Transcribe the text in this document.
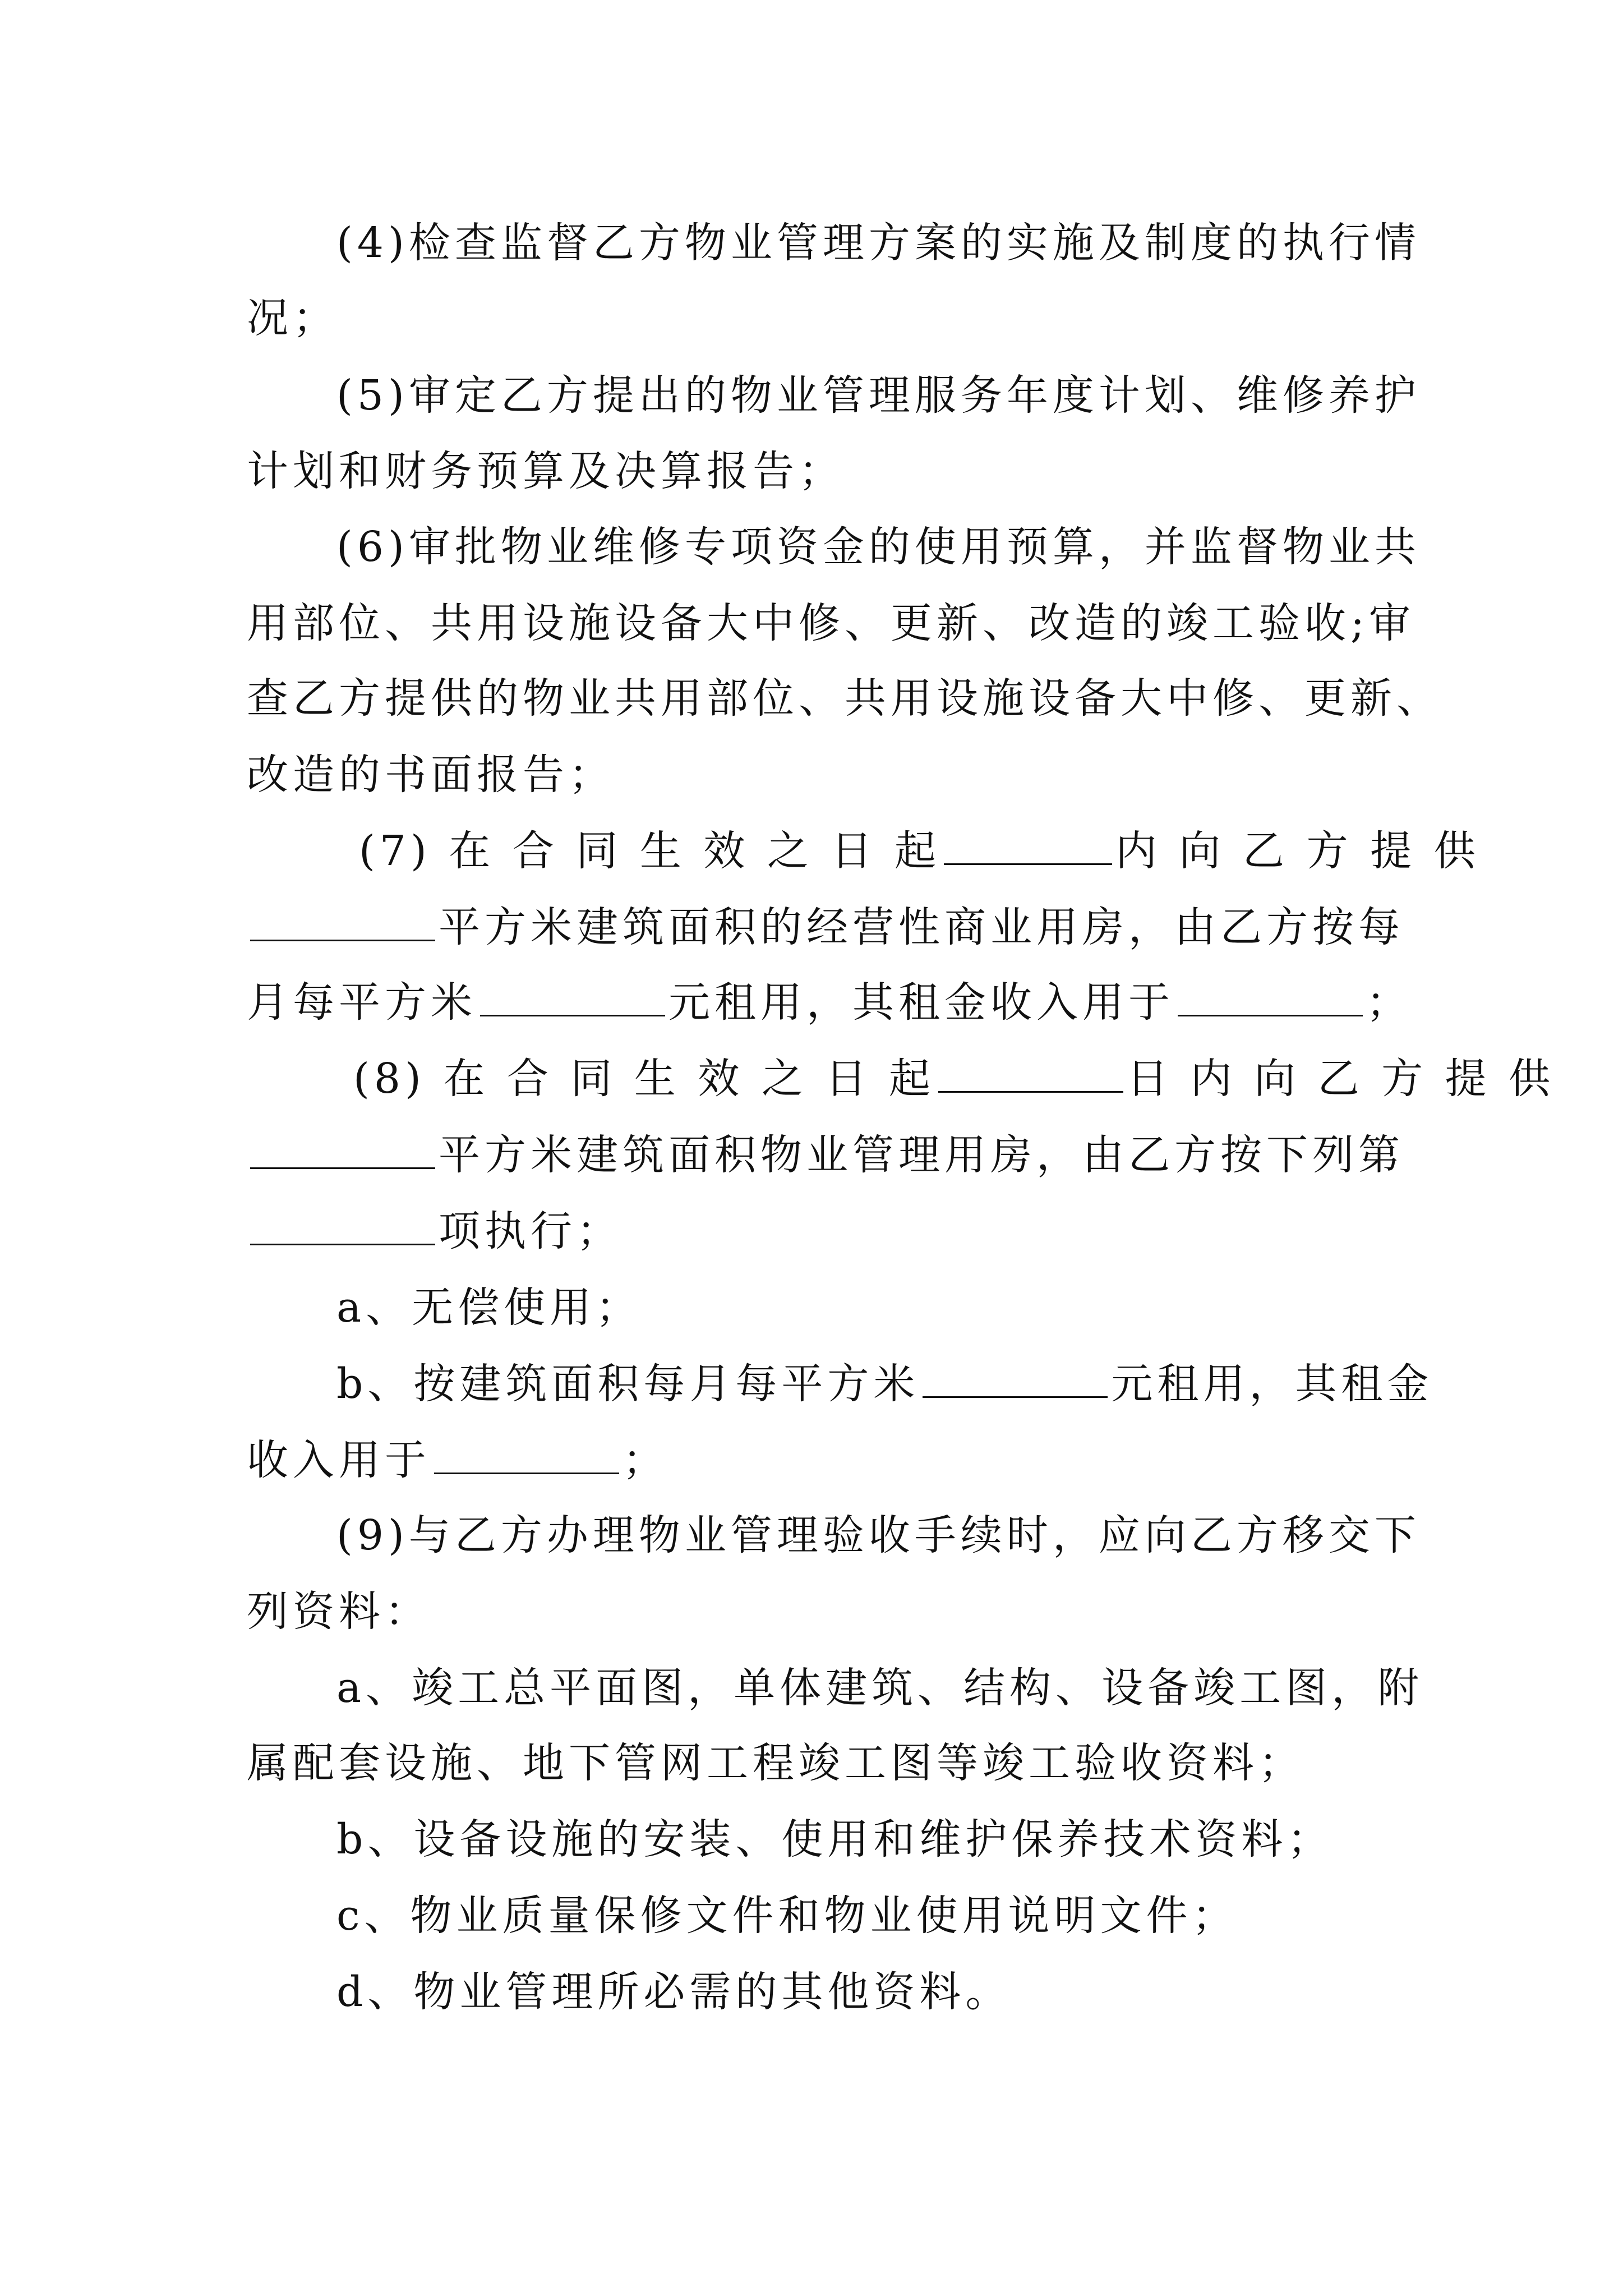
(4)检查监督乙方物业管理方案的实施及制度的执行情
况；
(5)审定乙方提出的物业管理服务年度计划、维修养护
计划和财务预算及决算报告；
(6)审批物业维修专项资金的使用预算，并监督物业共
用部位、共用设施设备大中修、更新、改造的竣工验收;审
查乙方提供的物业共用部位、共用设施设备大中修、更新、
改造的书面报告；
(7) 在 合 同 生 效 之 日 起	内 向 乙 方 提 供
平方米建筑面积的经营性商业用房，由乙方按每
月每平方米	元租用，其租金收入用于	；
(8) 在 合 同 生 效 之 日 起	日 内 向 乙 方 提 供
平方米建筑面积物业管理用房，由乙方按下列第
项执行；
a、无偿使用；
b、按建筑面积每月每平方米	元租用，其租金
收入用于	；
(9)与乙方办理物业管理验收手续时，应向乙方移交下
列资料：
a、竣工总平面图，单体建筑、结构、设备竣工图，附
属配套设施、地下管网工程竣工图等竣工验收资料；
b、设备设施的安装、使用和维护保养技术资料；
c、物业质量保修文件和物业使用说明文件；
d、物业管理所必需的其他资料。
